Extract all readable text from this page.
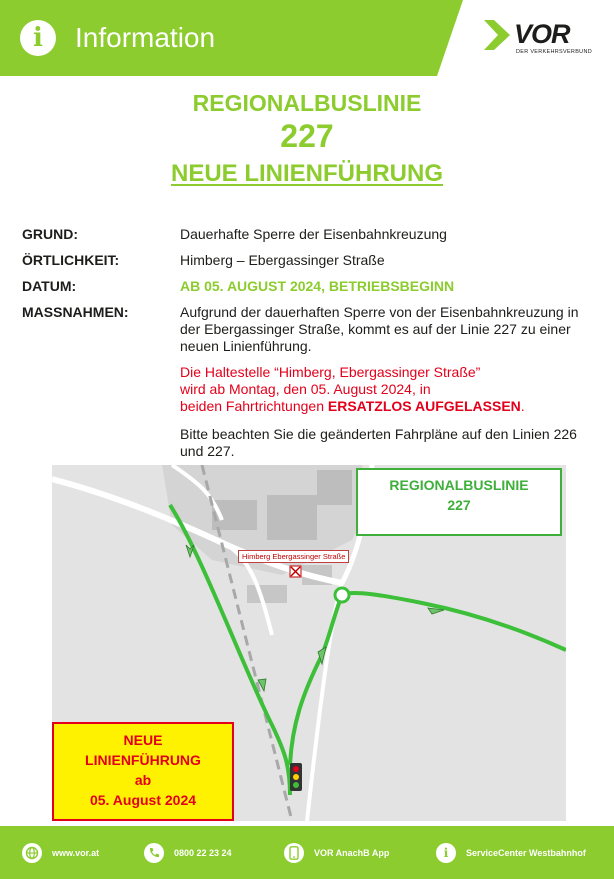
i	Information	VOR
DER VERKEHRSVERBUND
REGIONALBUSLINIE
227
NEUE LINIENFÜHRUNG
GRUND:	Dauerhafte Sperre der Eisenbahnkreuzung
ÖRTLICHKEIT:	Himberg – Ebergassinger Straße
DATUM:	AB 05. AUGUST 2024, BETRIEBSBEGINN
MASSNAHMEN:	Aufgrund der dauerhaften Sperre von der Eisenbahnkreuzung in der Ebergassinger Straße, kommt es auf der Linie 227 zu einer neuen Linienführung.
Die Haltestelle “Himberg, Ebergassinger Straße”
wird ab Montag, den 05. August 2024, in
beiden Fahrtrichtungen ERSATZLOS AUFGELASSEN.
Bitte beachten Sie die geänderten Fahrpläne auf den Linien 226 und 227.
REGIONALBUSLINIE
227
Himberg Ebergassinger Straße
NEUE
LINIENFÜHRUNG
ab
05. August 2024
www.vor.at	0800 22 23 24	VOR AnachB App	i	ServiceCenter Westbahnhof
